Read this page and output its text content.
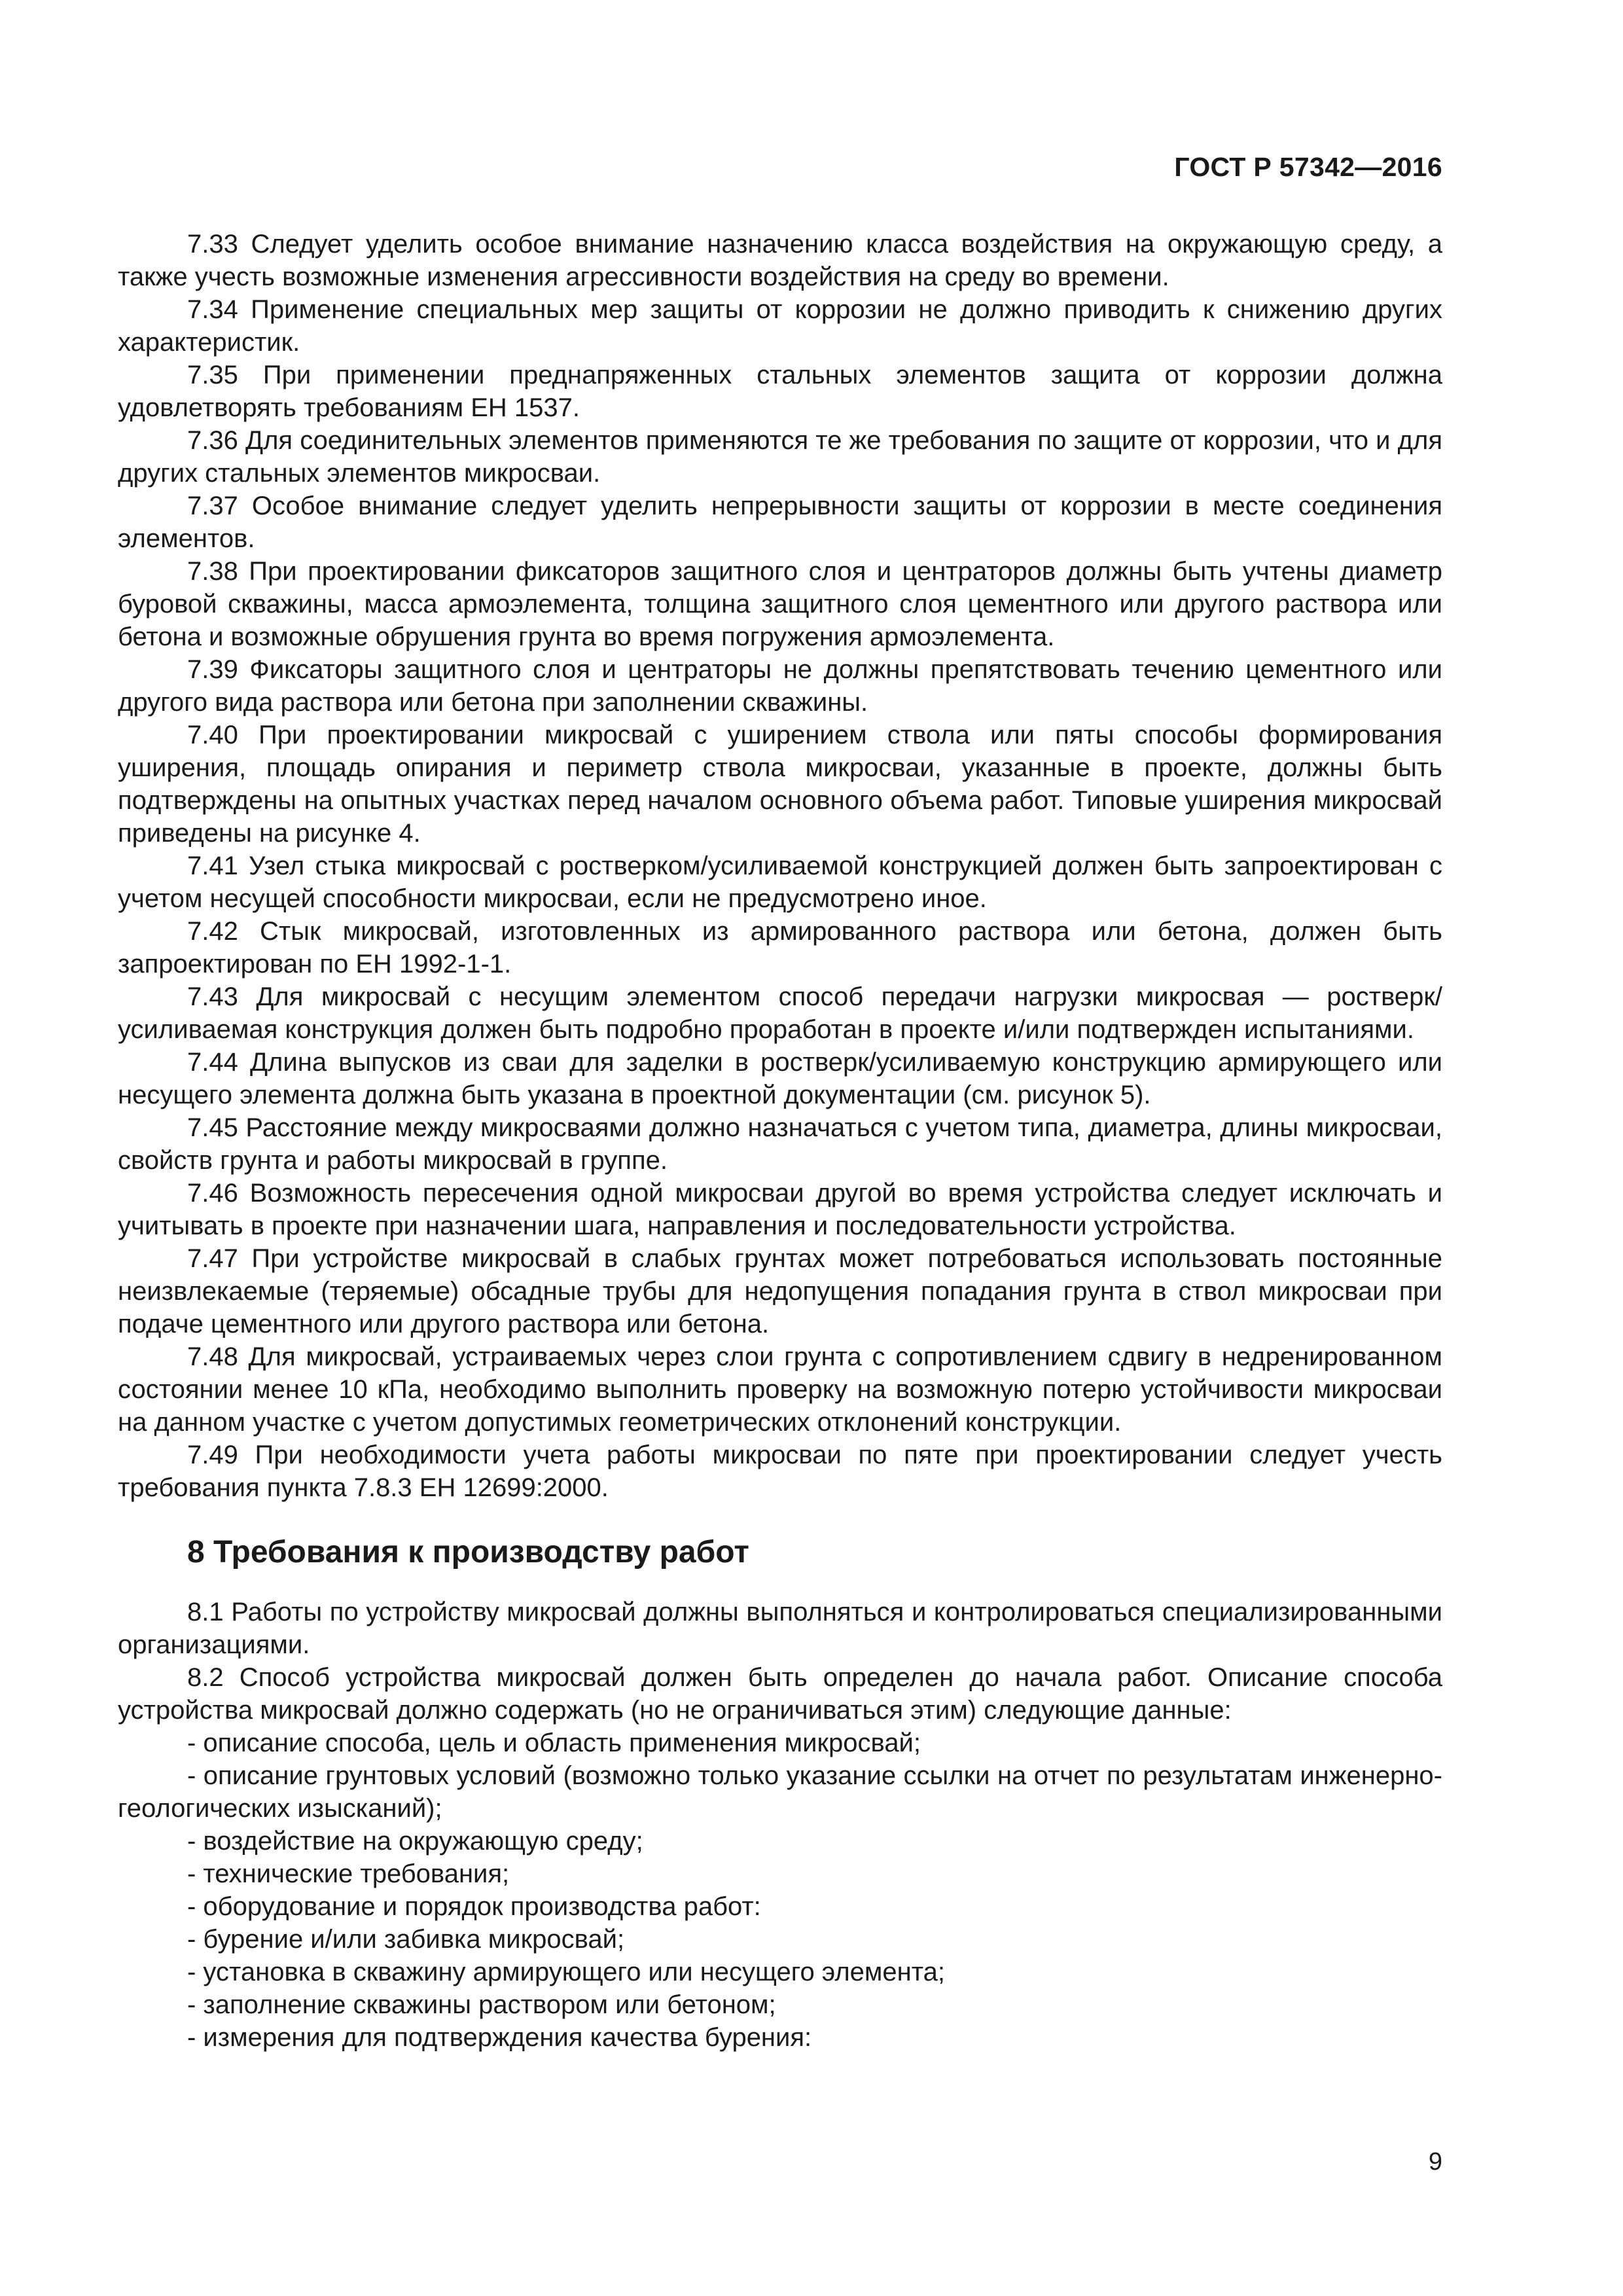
ГОСТ Р 57342—2016

7.33 Следует уделить особое внимание назначению класса воздействия на окружающую среду, а также учесть возможные изменения агрессивности воздействия на среду во времени.

7.34 Применение специальных мер защиты от коррозии не должно приводить к снижению других характеристик.

7.35 При применении преднапряженных стальных элементов защита от коррозии должна удовлетворять требованиям ЕН 1537.

7.36 Для соединительных элементов применяются те же требования по защите от коррозии, что и для других стальных элементов микросваи.

7.37 Особое внимание следует уделить непрерывности защиты от коррозии в месте соединения элементов.

7.38 При проектировании фиксаторов защитного слоя и центраторов должны быть учтены диаметр буровой скважины, масса армоэлемента, толщина защитного слоя цементного или другого раствора или бетона и возможные обрушения грунта во время погружения армоэлемента.

7.39 Фиксаторы защитного слоя и центраторы не должны препятствовать течению цементного или другого вида раствора или бетона при заполнении скважины.

7.40 При проектировании микросвай с уширением ствола или пяты способы формирования уширения, площадь опирания и периметр ствола микросваи, указанные в проекте, должны быть подтверждены на опытных участках перед началом основного объема работ. Типовые уширения микросвай приведены на рисунке 4.

7.41 Узел стыка микросвай с ростверком/усиливаемой конструкцией должен быть запроектирован с учетом несущей способности микросваи, если не предусмотрено иное.

7.42 Стык микросвай, изготовленных из армированного раствора или бетона, должен быть запроектирован по ЕН 1992-1-1.

7.43 Для микросвай с несущим элементом способ передачи нагрузки микросвая — ростверк/усиливаемая конструкция должен быть подробно проработан в проекте и/или подтвержден испытаниями.

7.44 Длина выпусков из сваи для заделки в ростверк/усиливаемую конструкцию армирующего или несущего элемента должна быть указана в проектной документации (см. рисунок 5).

7.45 Расстояние между микросваями должно назначаться с учетом типа, диаметра, длины микросваи, свойств грунта и работы микросвай в группе.

7.46 Возможность пересечения одной микросваи другой во время устройства следует исключать и учитывать в проекте при назначении шага, направления и последовательности устройства.

7.47 При устройстве микросвай в слабых грунтах может потребоваться использовать постоянные неизвлекаемые (теряемые) обсадные трубы для недопущения попадания грунта в ствол микросваи при подаче цементного или другого раствора или бетона.

7.48 Для микросвай, устраиваемых через слои грунта с сопротивлением сдвигу в недренированном состоянии менее 10 кПа, необходимо выполнить проверку на возможную потерю устойчивости микросваи на данном участке с учетом допустимых геометрических отклонений конструкции.

7.49 При необходимости учета работы микросваи по пяте при проектировании следует учесть требования пункта 7.8.3 ЕН 12699:2000.

8 Требования к производству работ

8.1 Работы по устройству микросвай должны выполняться и контролироваться специализированными организациями.

8.2 Способ устройства микросвай должен быть определен до начала работ. Описание способа устройства микросвай должно содержать (но не ограничиваться этим) следующие данные:

- описание способа, цель и область применения микросвай;

- описание грунтовых условий (возможно только указание ссылки на отчет по результатам инженерно-геологических изысканий);

- воздействие на окружающую среду;

- технические требования;

- оборудование и порядок производства работ:

- бурение и/или забивка микросвай;

- установка в скважину армирующего или несущего элемента;

- заполнение скважины раствором или бетоном;

- измерения для подтверждения качества бурения:

9
